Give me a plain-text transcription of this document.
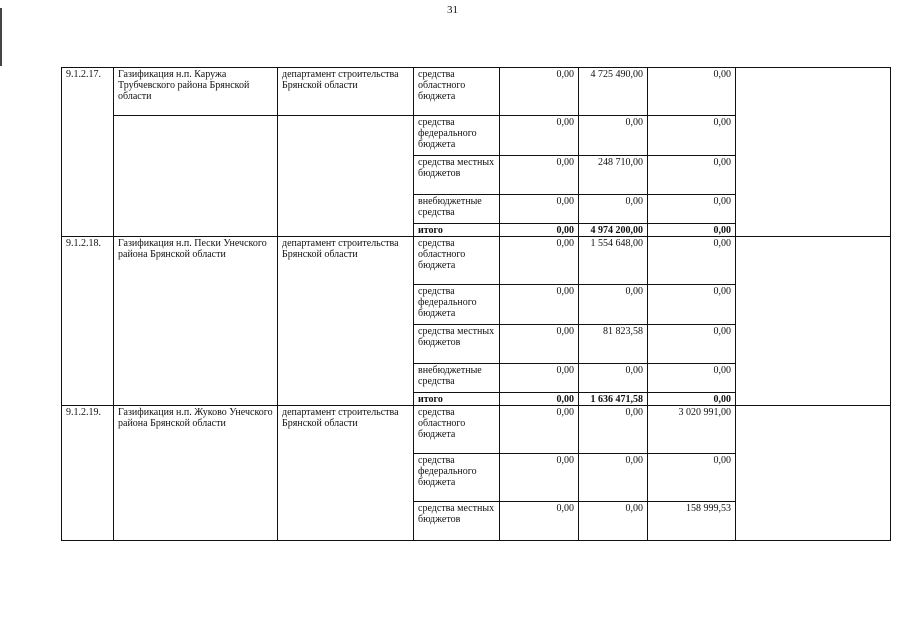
31
9.1.2.17.	Газификация н.п. Каружа Трубчевского района Брянской области	департамент строительства Брянской области	средства областного бюджета	0,00	4 725 490,00	0,00	
			средства федерального бюджета	0,00	0,00	0,00	
			средства местных бюджетов	0,00	248 710,00	0,00	
			внебюджетные средства	0,00	0,00	0,00	
			итого	0,00	4 974 200,00	0,00	
9.1.2.18.	Газификация н.п. Пески Унечского района Брянской области	департамент строительства Брянской области	средства областного бюджета	0,00	1 554 648,00	0,00	
			средства федерального бюджета	0,00	0,00	0,00	
			средства местных бюджетов	0,00	81 823,58	0,00	
			внебюджетные средства	0,00	0,00	0,00	
			итого	0,00	1 636 471,58	0,00	
9.1.2.19.	Газификация н.п. Жуково Унечского района Брянской области	департамент строительства Брянской области	средства областного бюджета	0,00	0,00	3 020 991,00	
			средства федерального бюджета	0,00	0,00	0,00	
			средства местных бюджетов	0,00	0,00	158 999,53	
